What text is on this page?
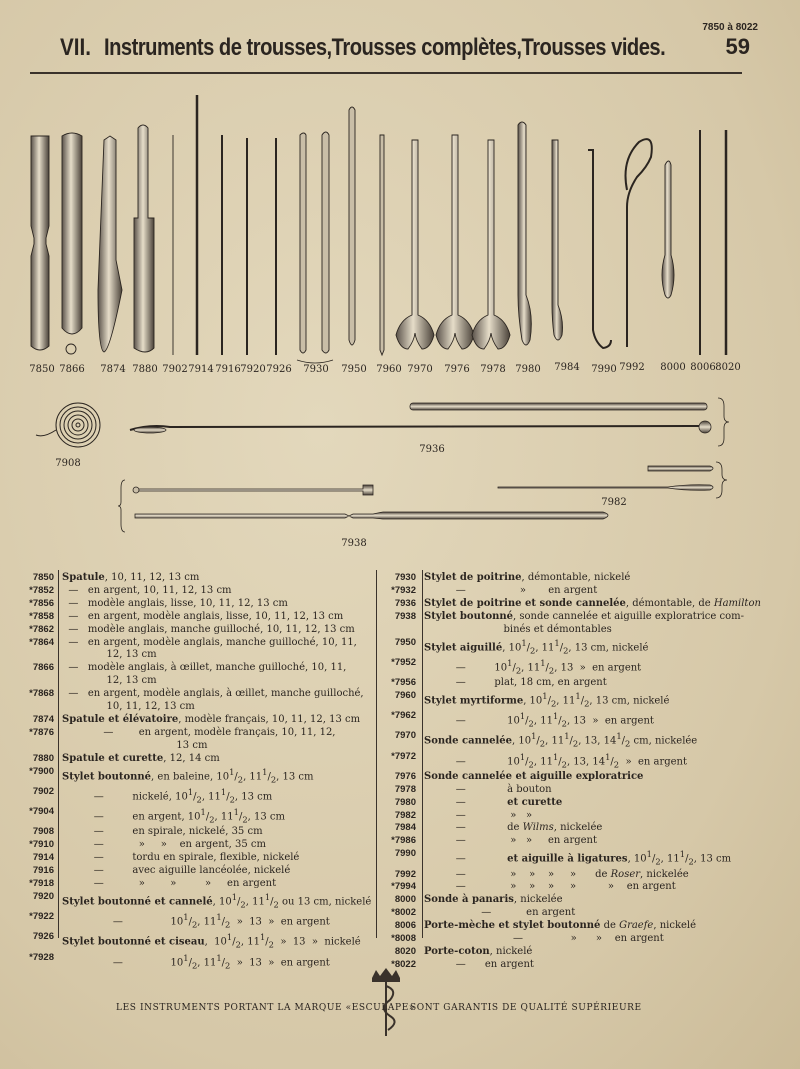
7850 à 8022
VII. Instruments de trousses,Trousses complètes,Trousses vides.	59
7850 7866 7874 7880 7902 7914 7916 7920 7926 7930 7950 7960 7970 7976 7978 7980 7984 7990 7992 8000 8006 8020
7908
7936
7982
7938
7850 Spatule, 10, 11, 12, 13 cm
*7852 —   en argent, 10, 11, 12, 13 cm
*7856 —   modèle anglais, lisse, 10, 11, 12, 13 cm
*7858 —   en argent, modèle anglais, lisse, 10, 11, 12, 13 cm
*7862 —   modèle anglais, manche guilloché, 10, 11, 12, 13 cm
*7864 —   en argent, modèle anglais, manche guilloché, 10, 11,
12, 13 cm
7866 —   modèle anglais, à œillet, manche guilloché, 10, 11,
12, 13 cm
*7868 —   en argent, modèle anglais, à œillet, manche guilloché,
10, 11, 12, 13 cm
7874 Spatule et élévatoire, modèle français, 10, 11, 12, 13 cm
*7876 —        en argent, modèle français, 10, 11, 12,
13 cm
7880 Spatule et curette, 12, 14 cm
*7900 Stylet boutonné, en baleine, $10^1/_2$, $11^1/_2$, 13 cm
7902 —         nickelé, $10^1/_2$, $11^1/_2$, 13 cm
*7904 —         en argent, $10^1/_2$, $11^1/_2$, 13 cm
7908 —         en spirale, nickelé, 35 cm
*7910 —           »     »    en argent, 35 cm
7914 —         tordu en spirale, flexible, nickelé
7916 —         avec aiguille lancéolée, nickelé
*7918 —           »        »         »     en argent
7920 Stylet boutonné et cannelé, $10^1/_2$, $11^1/_2$ ou 13 cm, nickelé
*7922 —               $10^1/_2$, $11^1/_2$  »  13  »  en argent
7926 Stylet boutonné et ciseau,  $10^1/_2$, $11^1/_2$  »  13  »  nickelé
*7928 —               $10^1/_2$, $11^1/_2$  »  13  »  en argent
7930 Stylet de poitrine, démontable, nickelé
*7932 —                 »       en argent
7936 Stylet de poitrine et sonde cannelée, démontable, de Hamilton
7938 Stylet boutonné, sonde cannelée et aiguille exploratrice com-
binés et démontables
7950 Stylet aiguillé, $10^1/_2$, $11^1/_2$, 13 cm, nickelé
*7952 —         $10^1/_2$, $11^1/_2$, 13  »  en argent
*7956 —         plat, 18 cm, en argent
7960 Stylet myrtiforme, $10^1/_2$, $11^1/_2$, 13 cm, nickelé
*7962 —             $10^1/_2$, $11^1/_2$, 13  »  en argent
7970 Sonde cannelée, $10^1/_2$, $11^1/_2$, 13, $14^1/_2$ cm, nickelée
*7972 —             $10^1/_2$, $11^1/_2$, 13, $14^1/_2$  »  en argent
7976 Sonde cannelée et aiguille exploratrice
7978 —             à bouton
7980 —             et curette
7982 —              »   »
7984 —             de Wilms, nickelée
*7986 —              »   »     en argent
7990 —             et aiguille à ligatures, $10^1/_2$, $11^1/_2$, 13 cm
7992 —              »    »    »     »      de Roser, nickelée
*7994 —              »    »    »     »          »    en argent
8000 Sonde à panaris, nickelée
*8002 —           en argent
8006 Porte-mèche et stylet boutonné de Graefe, nickelé
*8008 —               »      »    en argent
8020 Porte-coton, nickelé
*8022 —      en argent
LES INSTRUMENTS PORTANT LA MARQUE «ESCULAPE»
SONT GARANTIS DE QUALITÉ SUPÉRIEURE
